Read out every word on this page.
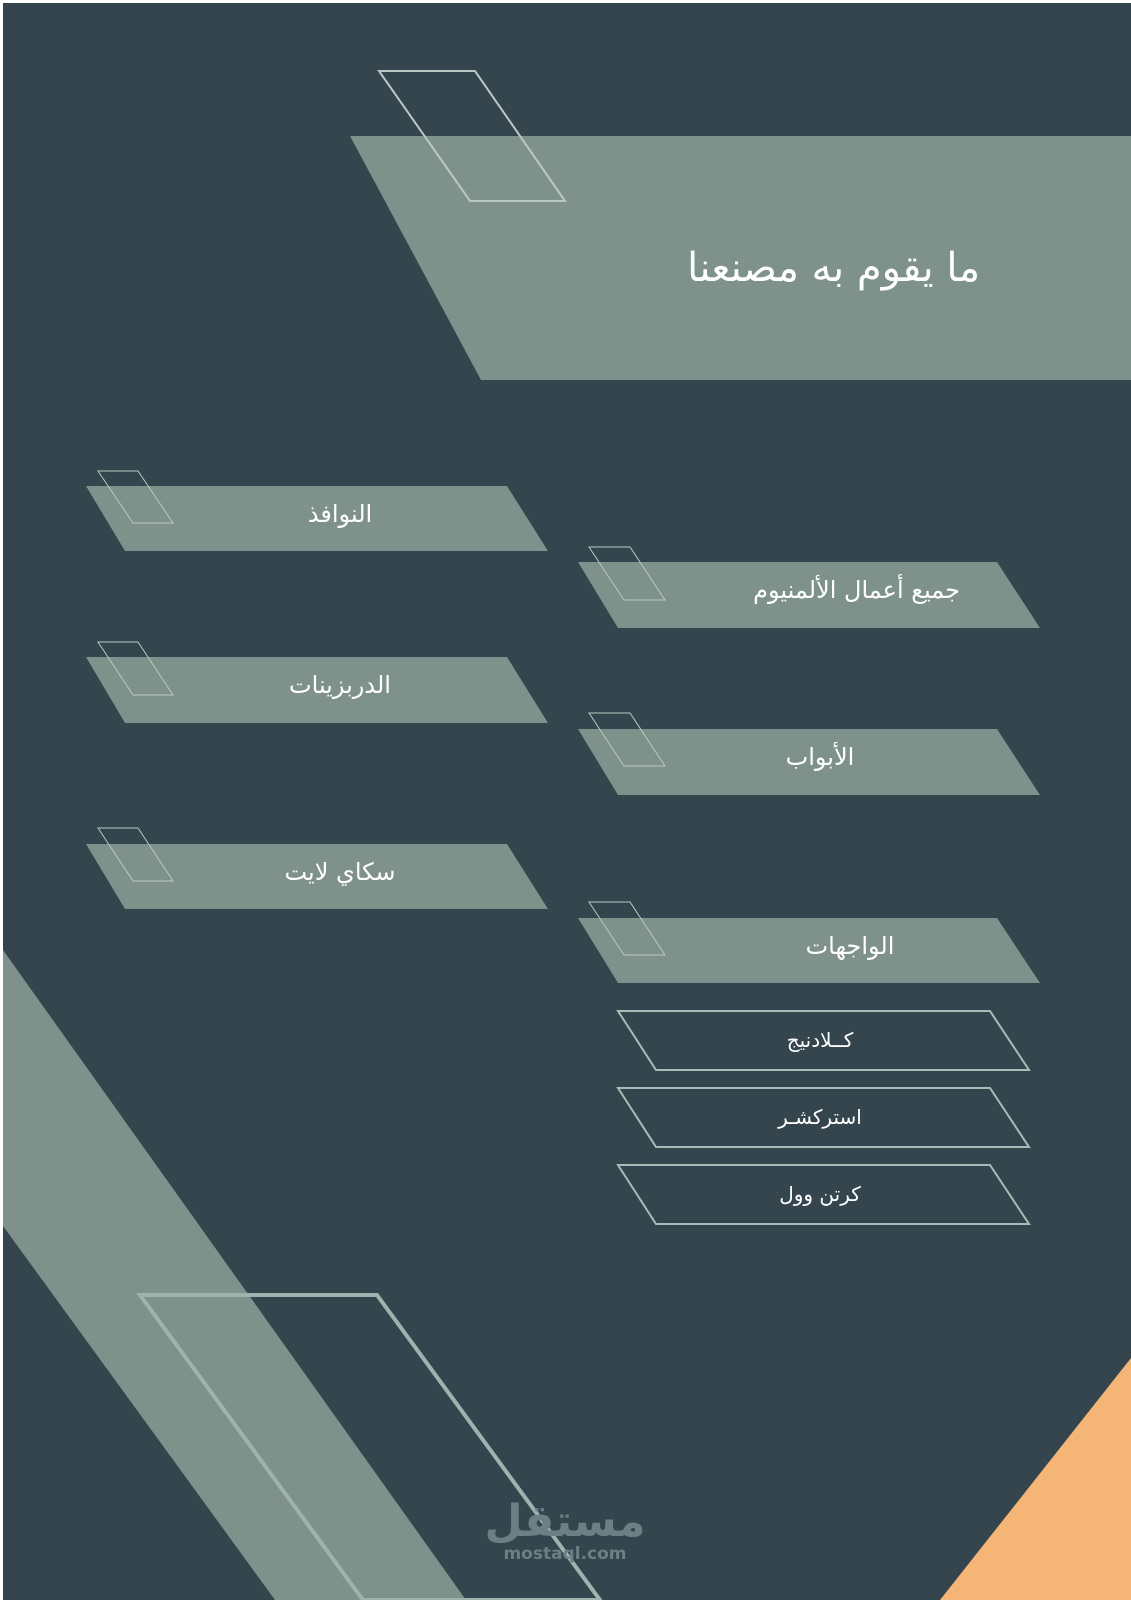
ما يقوم به مصنعنا
النوافذ
الدربزينات
سكاي لايت
جميع أعمال الألمنيوم
الأبواب
الواجهات
كــلادنيج
استركشـر
كرتن وول
مستقل
mostaql.com
